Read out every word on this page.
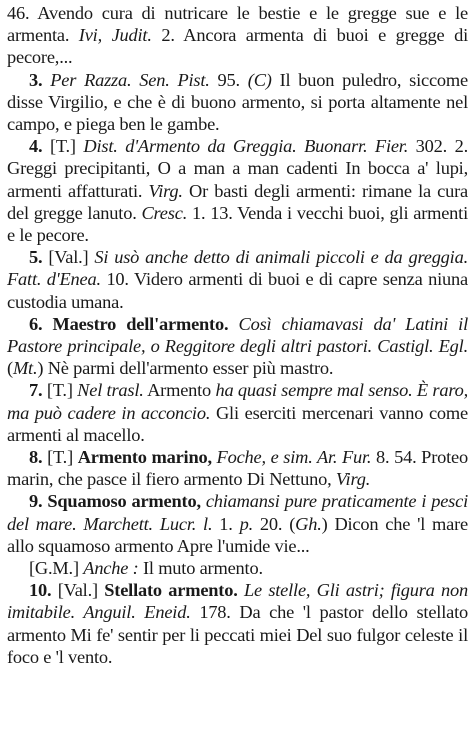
46. Avendo cura di nutricare le bestie e le gregge sue e le armenta. Ivi, Judit. 2. Ancora armenta di buoi e gregge di pecore,...

3. Per Razza. Sen. Pist. 95. (C) Il buon puledro, siccome disse Virgilio, e che è di buono armento, si porta altamente nel campo, e piega ben le gambe.

4. [T.] Dist. d'Armento da Greggia. Buonarr. Fier. 302. 2. Greggi precipitanti, O a man a man cadenti In bocca a' lupi, armenti affatturati. Virg. Or basti degli armenti: rimane la cura del gregge lanuto. Cresc. 1. 13. Venda i vecchi buoi, gli armenti e le pecore.

5. [Val.] Si usò anche detto di animali piccoli e da greggia. Fatt. d'Enea. 10. Videro armenti di buoi e di capre senza niuna custodia umana.

6. Maestro dell'armento. Così chiamavasi da' Latini il Pastore principale, o Reggitore degli altri pastori. Castigl. Egl. (Mt.) Nè parmi dell'armento esser più mastro.

7. [T.] Nel trasl. Armento ha quasi sempre mal senso. È raro, ma può cadere in acconcio. Gli eserciti mercenari vanno come armenti al macello.

8. [T.] Armento marino, Foche, e sim. Ar. Fur. 8. 54. Proteo marin, che pasce il fiero armento Di Nettuno, Virg.

9. Squamoso armento, chiamansi pure praticamente i pesci del mare. Marchett. Lucr. l. 1. p. 20. (Gh.) Dicon che 'l mare allo squamoso armento Apre l'umide vie...

[G.M.] Anche : Il muto armento.

10. [Val.] Stellato armento. Le stelle, Gli astri; figura non imitabile. Anguil. Eneid. 178. Da che 'l pastor dello stellato armento Mi fe' sentir per li peccati miei Del suo fulgor celeste il foco e 'l vento.
